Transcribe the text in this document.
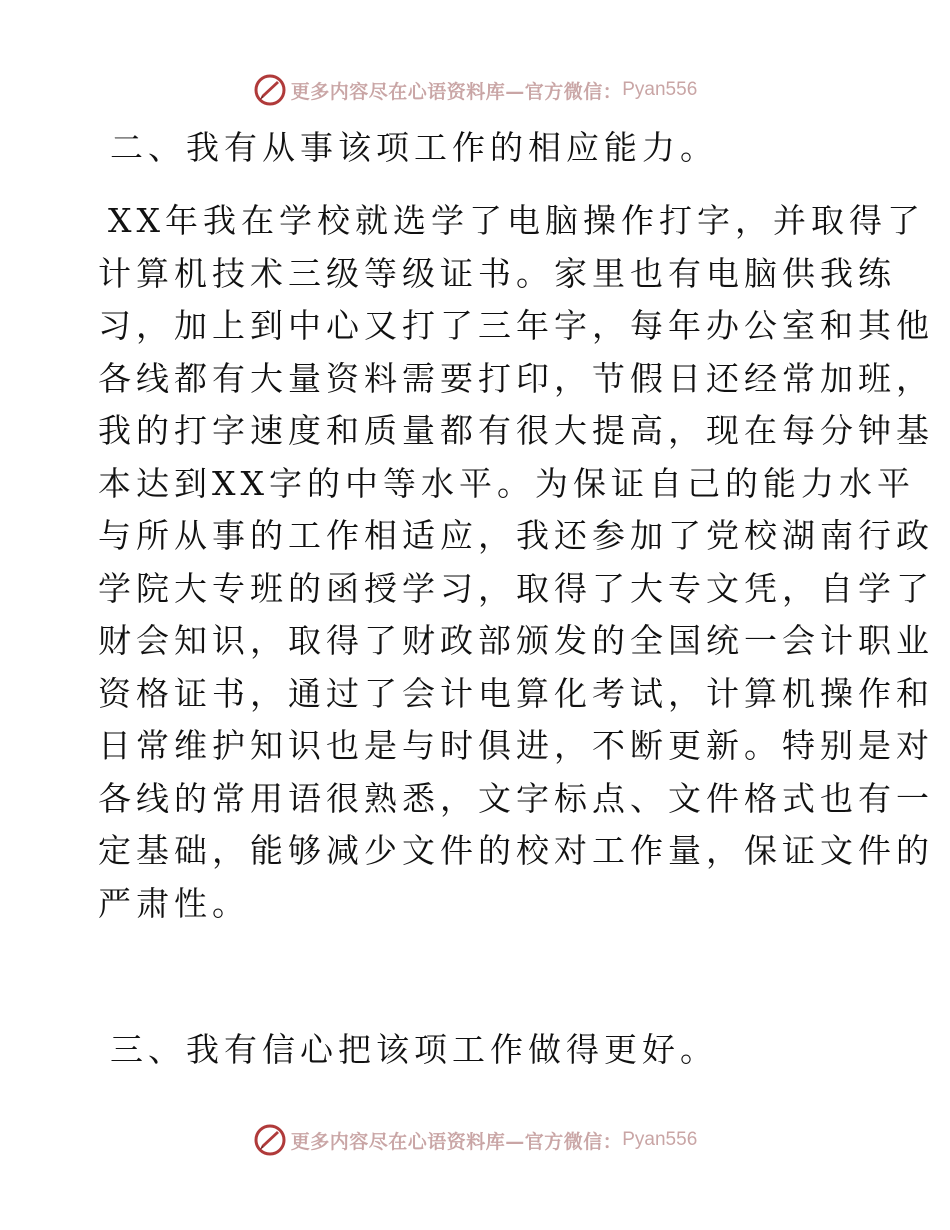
更多内容尽在心语资料库—官方微信： Pyan556
二、我有从事该项工作的相应能力。
XX年我在学校就选学了电脑操作打字，并取得了
计算机技术三级等级证书。家里也有电脑供我练
习，加上到中心又打了三年字，每年办公室和其他
各线都有大量资料需要打印，节假日还经常加班，
我的打字速度和质量都有很大提高，现在每分钟基
本达到XX字的中等水平。为保证自己的能力水平
与所从事的工作相适应，我还参加了党校湖南行政
学院大专班的函授学习，取得了大专文凭，自学了
财会知识，取得了财政部颁发的全国统一会计职业
资格证书，通过了会计电算化考试，计算机操作和
日常维护知识也是与时俱进，不断更新。特别是对
各线的常用语很熟悉，文字标点、文件格式也有一
定基础，能够减少文件的校对工作量，保证文件的
严肃性。
三、我有信心把该项工作做得更好。
更多内容尽在心语资料库—官方微信： Pyan556
